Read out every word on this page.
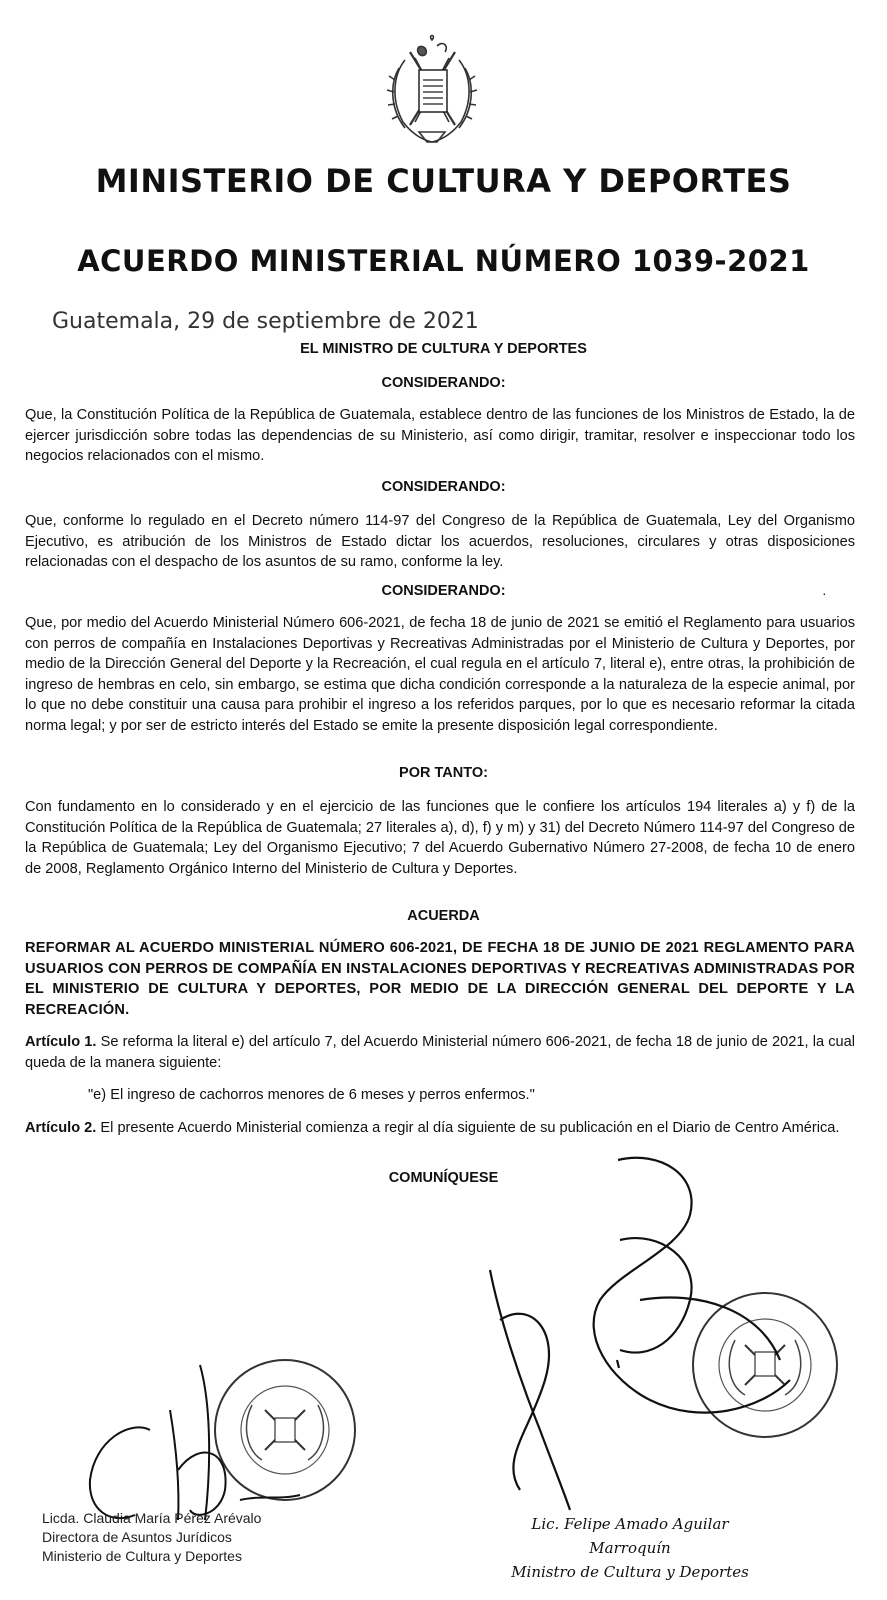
MINISTERIO DE CULTURA Y DEPORTES
ACUERDO MINISTERIAL NÚMERO 1039-2021
Guatemala, 29 de septiembre de 2021
EL MINISTRO DE CULTURA Y DEPORTES
CONSIDERANDO:
Que, la Constitución Política de la República de Guatemala, establece dentro de las funciones de los Ministros de Estado, la de ejercer jurisdicción sobre todas las dependencias de su Ministerio, así como dirigir, tramitar, resolver e inspeccionar todo los negocios relacionados con el mismo.
CONSIDERANDO:
Que, conforme lo regulado en el Decreto número 114-97 del Congreso de la República de Guatemala, Ley del Organismo Ejecutivo, es atribución de los Ministros de Estado dictar los acuerdos, resoluciones, circulares y otras disposiciones relacionadas con el despacho de los asuntos de su ramo, conforme la ley.
CONSIDERANDO:	·
Que, por medio del Acuerdo Ministerial Número 606-2021, de fecha 18 de junio de 2021 se emitió el Reglamento para usuarios con perros de compañía en Instalaciones Deportivas y Recreativas Administradas por el Ministerio de Cultura y Deportes, por medio de la Dirección General del Deporte y la Recreación, el cual regula en el artículo 7, literal e), entre otras, la prohibición de ingreso de hembras en celo, sin embargo, se estima que dicha condición corresponde a la naturaleza de la especie animal, por lo que no debe constituir una causa para prohibir el ingreso a los referidos parques, por lo que es necesario reformar la citada norma legal; y por ser de estricto interés del Estado se emite la presente disposición legal correspondiente.
POR TANTO:
Con fundamento en lo considerado y en el ejercicio de las funciones que le confiere los artículos 194 literales a) y f) de la Constitución Política de la República de Guatemala; 27 literales a), d), f) y m) y 31) del Decreto Número 114-97 del Congreso de la República de Guatemala; Ley del Organismo Ejecutivo; 7 del Acuerdo Gubernativo Número 27-2008, de fecha 10 de enero de 2008, Reglamento Orgánico Interno del Ministerio de Cultura y Deportes.
ACUERDA
REFORMAR AL ACUERDO MINISTERIAL NÚMERO 606-2021, DE FECHA 18 DE JUNIO DE 2021 REGLAMENTO PARA USUARIOS CON PERROS DE COMPAÑÍA EN INSTALACIONES DEPORTIVAS Y RECREATIVAS ADMINISTRADAS POR EL MINISTERIO DE CULTURA Y DEPORTES, POR MEDIO DE LA DIRECCIÓN GENERAL DEL DEPORTE Y LA RECREACIÓN.
Artículo 1. Se reforma la literal e) del artículo 7, del Acuerdo Ministerial número 606-2021, de fecha 18 de junio de 2021, la cual queda de la manera siguiente:
"e) El ingreso de cachorros menores de 6 meses y perros enfermos."
Artículo 2. El presente Acuerdo Ministerial comienza a regir al día siguiente de su publicación en el Diario de Centro América.
COMUNÍQUESE
Licda. Claudia María Pérez Arévalo
Directora de Asuntos Jurídicos
Ministerio de Cultura y Deportes
Lic. Felipe Amado Aguilar Marroquín
Ministro de Cultura y Deportes
